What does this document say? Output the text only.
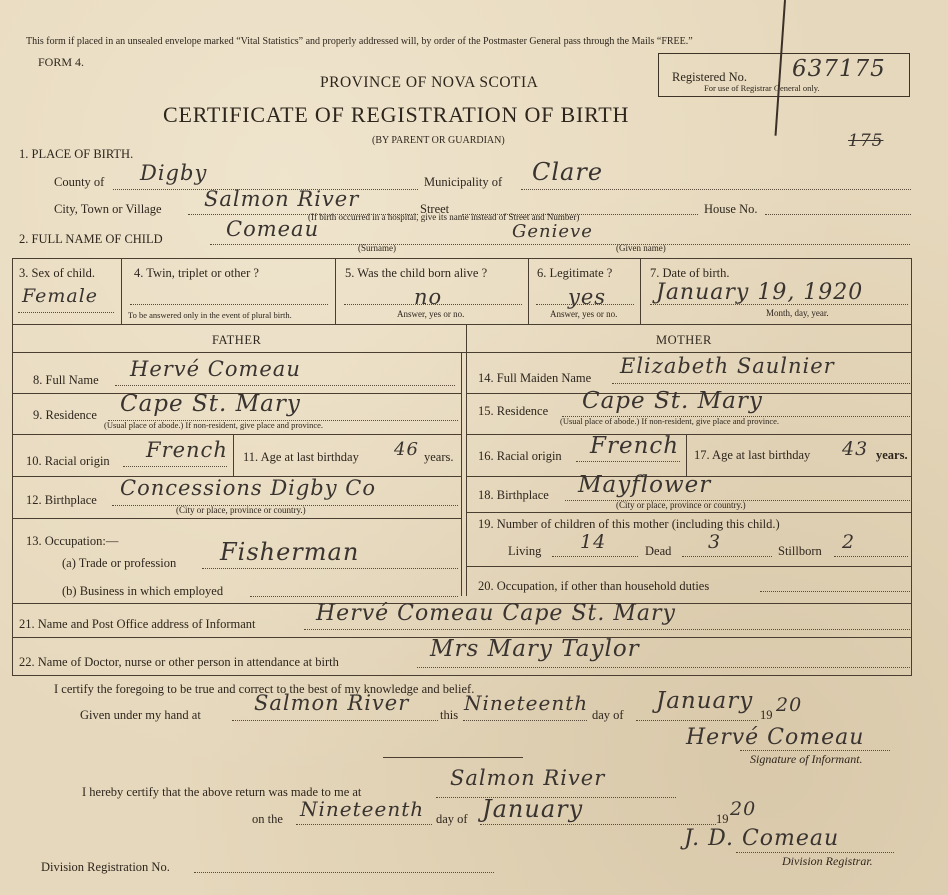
This form if placed in an unsealed envelope marked “Vital Statistics” and properly addressed will, by order of the Postmaster General pass through the Mails “FREE.”
FORM 4.
PROVINCE OF NOVA SCOTIA
CERTIFICATE OF REGISTRATION OF BIRTH
(BY PARENT OR GUARDIAN)
Registered No. 637175
For use of Registrar General only.
175
1. PLACE OF BIRTH.
County of Digby	Municipality of Clare
City, Town or Village Salmon River	Street
(If birth occurred in a hospital, give its name instead of Street and Number)
House No.
2. FULL NAME OF CHILD	Comeau
(Surname)
Genieve
(Given name)
3. Sex of child.
Female
4. Twin, triplet or other ?
To be answered only in the event of plural birth.
5. Was the child born alive ?
no
Answer, yes or no.
6. Legitimate ?
yes
Answer, yes or no.
7. Date of birth.
January 19, 1920
Month, day, year.
FATHER	MOTHER
8. Full Name Hervé Comeau
9. Residence Cape St. Mary
(Usual place of abode.) If non-resident, give place and province.
10. Racial origin French 11. Age at last birthday 46 years.
12. Birthplace Concessions Digby Co
(City or place, province or country.)
13. Occupation:—
(a) Trade or profession Fisherman
(b) Business in which employed
14. Full Maiden Name Elizabeth Saulnier
15. Residence Cape St. Mary
(Usual place of abode.) If non-resident, give place and province.
16. Racial origin French 17. Age at last birthday 43 years.
18. Birthplace Mayflower
(City or place, province or country.)
19. Number of children of this mother (including this child.)
Living 14	Dead 3	Stillborn 2
20. Occupation, if other than household duties
21. Name and Post Office address of Informant	Hervé Comeau Cape St. Mary
22. Name of Doctor, nurse or other person in attendance at birth	Mrs Mary Taylor
I certify the foregoing to be true and correct to the best of my knowledge and belief.
Given under my hand at	Salmon River this Nineteenth day of
January
19 20
Hervé Comeau
Signature of Informant.
I hereby certify that the above return was made to me at
Salmon River
on the Nineteenth day of January	19 20
J. D. Comeau
Division Registrar.
Division Registration No.
